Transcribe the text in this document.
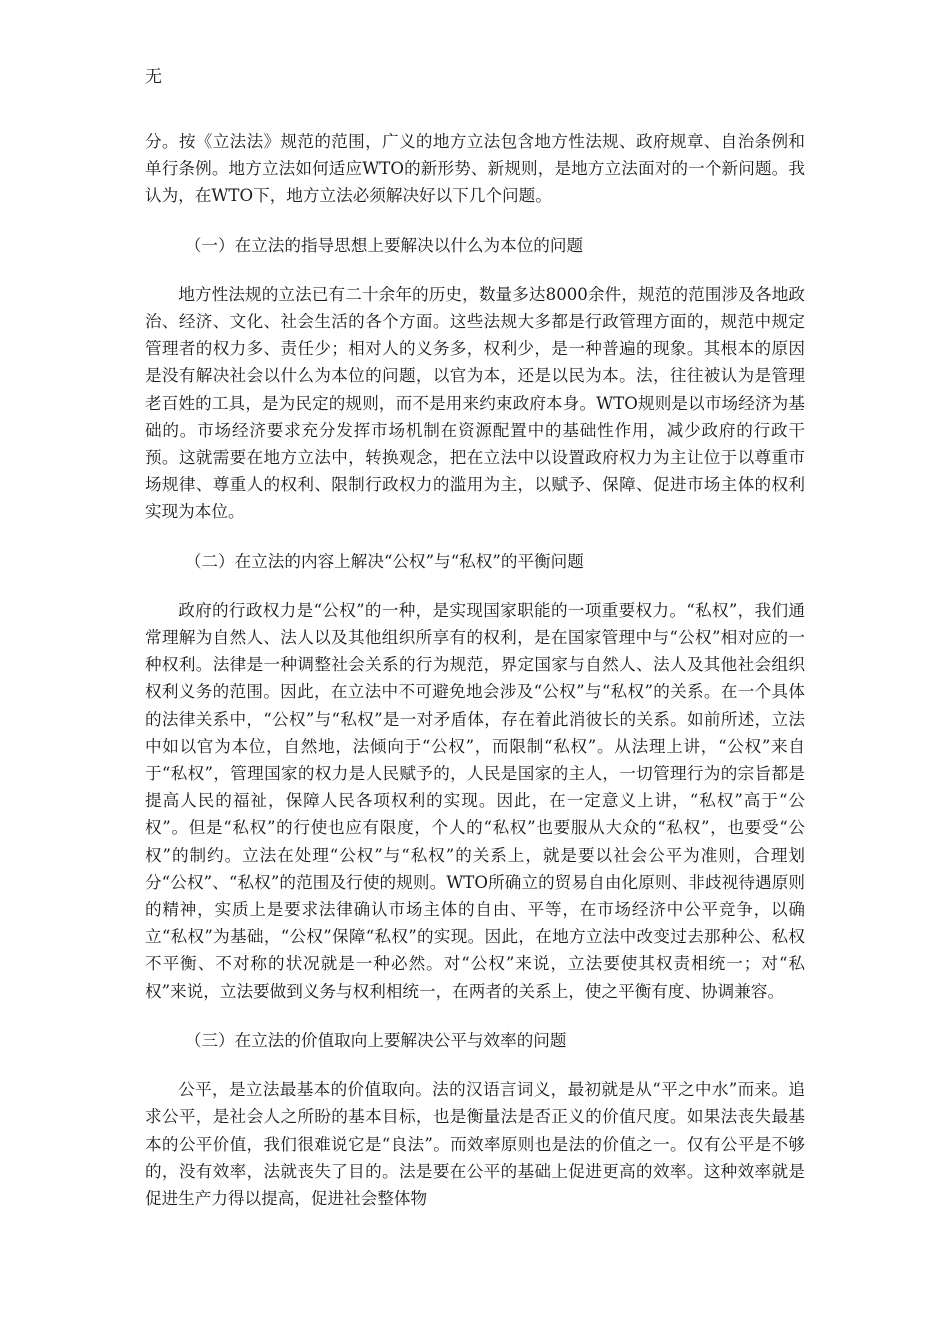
无

分。按《立法法》规范的范围，广义的地方立法包含地方性法规、政府规章、自治条例和单行条例。地方立法如何适应WTO的新形势、新规则，是地方立法面对的一个新问题。我认为，在WTO下，地方立法必须解决好以下几个问题。

（一）在立法的指导思想上要解决以什么为本位的问题

地方性法规的立法已有二十余年的历史，数量多达8000余件，规范的范围涉及各地政治、经济、文化、社会生活的各个方面。这些法规大多都是行政管理方面的，规范中规定管理者的权力多、责任少；相对人的义务多，权利少，是一种普遍的现象。其根本的原因是没有解决社会以什么为本位的问题，以官为本，还是以民为本。法，往往被认为是管理老百姓的工具，是为民定的规则，而不是用来约束政府本身。WTO规则是以市场经济为基础的。市场经济要求充分发挥市场机制在资源配置中的基础性作用，减少政府的行政干预。这就需要在地方立法中，转换观念，把在立法中以设置政府权力为主让位于以尊重市场规律、尊重人的权利、限制行政权力的滥用为主，以赋予、保障、促进市场主体的权利实现为本位。

（二）在立法的内容上解决“公权”与“私权”的平衡问题

政府的行政权力是“公权”的一种，是实现国家职能的一项重要权力。“私权”，我们通常理解为自然人、法人以及其他组织所享有的权利，是在国家管理中与“公权”相对应的一种权利。法律是一种调整社会关系的行为规范，界定国家与自然人、法人及其他社会组织权利义务的范围。因此，在立法中不可避免地会涉及“公权”与“私权”的关系。在一个具体的法律关系中，“公权”与“私权”是一对矛盾体，存在着此消彼长的关系。如前所述，立法中如以官为本位，自然地，法倾向于“公权”，而限制“私权”。从法理上讲，“公权”来自于“私权”，管理国家的权力是人民赋予的，人民是国家的主人，一切管理行为的宗旨都是提高人民的福祉，保障人民各项权利的实现。因此，在一定意义上讲，“私权”高于“公权”。但是“私权”的行使也应有限度，个人的“私权”也要服从大众的“私权”，也要受“公权”的制约。立法在处理“公权”与“私权”的关系上，就是要以社会公平为准则，合理划分“公权”、“私权”的范围及行使的规则。WTO所确立的贸易自由化原则、非歧视待遇原则的精神，实质上是要求法律确认市场主体的自由、平等，在市场经济中公平竞争，以确立“私权”为基础，“公权”保障“私权”的实现。因此，在地方立法中改变过去那种公、私权不平衡、不对称的状况就是一种必然。对“公权”来说，立法要使其权责相统一；对“私权”来说，立法要做到义务与权利相统一，在两者的关系上，使之平衡有度、协调兼容。

（三）在立法的价值取向上要解决公平与效率的问题

公平，是立法最基本的价值取向。法的汉语言词义，最初就是从“平之中水”而来。追求公平，是社会人之所盼的基本目标，也是衡量法是否正义的价值尺度。如果法丧失最基本的公平价值，我们很难说它是“良法”。而效率原则也是法的价值之一。仅有公平是不够的，没有效率，法就丧失了目的。法是要在公平的基础上促进更高的效率。这种效率就是促进生产力得以提高，促进社会整体物
